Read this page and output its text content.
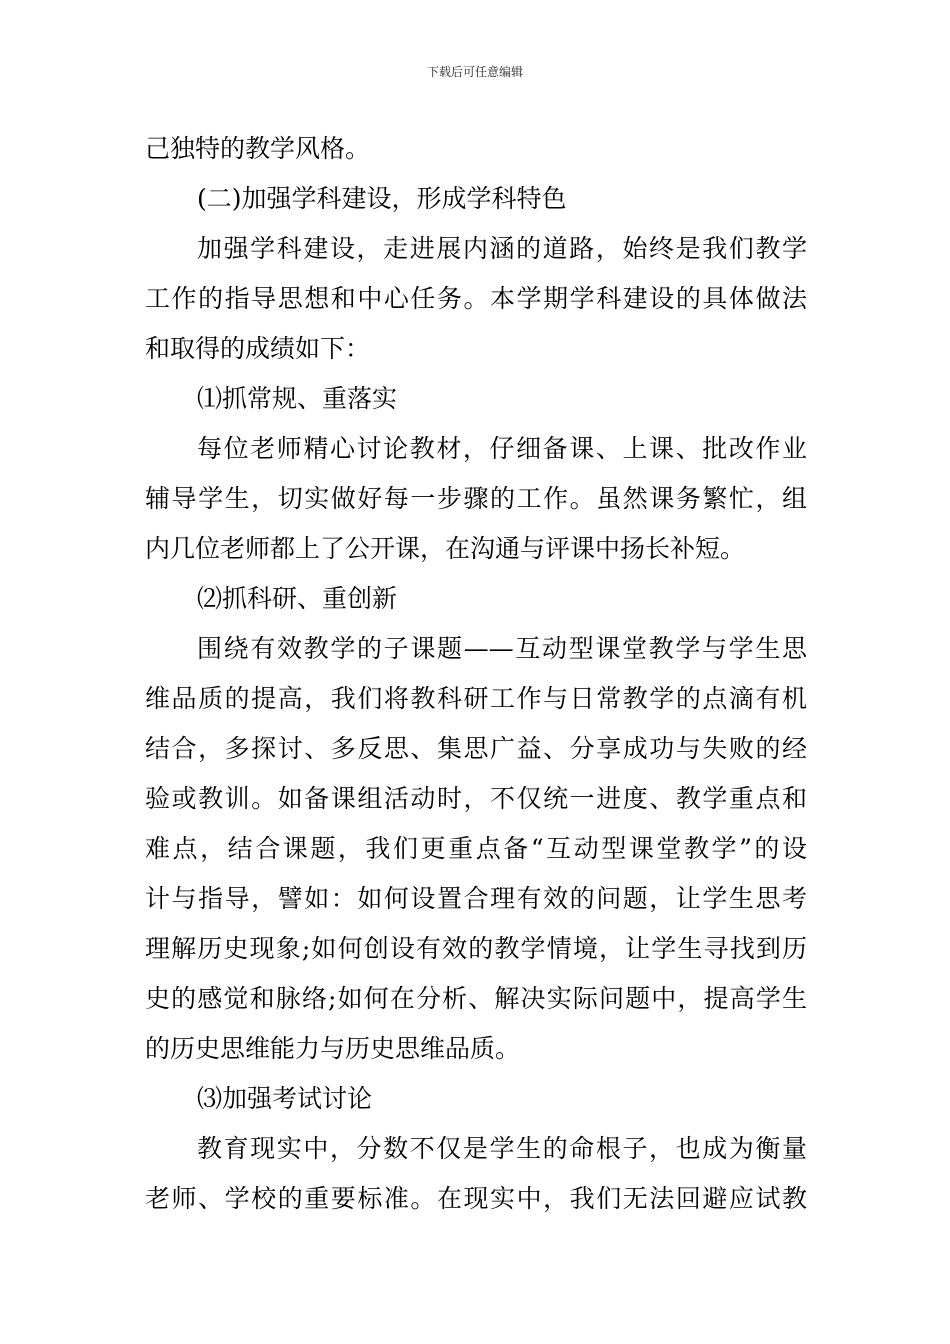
下载后可任意编辑
己独特的教学风格。
(二)加强学科建设，形成学科特色
加强学科建设，走进展内涵的道路，始终是我们教学
工作的指导思想和中心任务。本学期学科建设的具体做法
和取得的成绩如下：
⑴抓常规、重落实
每位老师精心讨论教材，仔细备课、上课、批改作业
辅导学生，切实做好每一步骤的工作。虽然课务繁忙，组
内几位老师都上了公开课，在沟通与评课中扬长补短。
⑵抓科研、重创新
围绕有效教学的子课题——互动型课堂教学与学生思
维品质的提高，我们将教科研工作与日常教学的点滴有机
结合，多探讨、多反思、集思广益、分享成功与失败的经
验或教训。如备课组活动时，不仅统一进度、教学重点和
难点，结合课题，我们更重点备“互动型课堂教学”的设
计与指导，譬如：如何设置合理有效的问题，让学生思考
理解历史现象;如何创设有效的教学情境，让学生寻找到历
史的感觉和脉络;如何在分析、解决实际问题中，提高学生
的历史思维能力与历史思维品质。
⑶加强考试讨论
教育现实中，分数不仅是学生的命根子，也成为衡量
老师、学校的重要标准。在现实中，我们无法回避应试教
